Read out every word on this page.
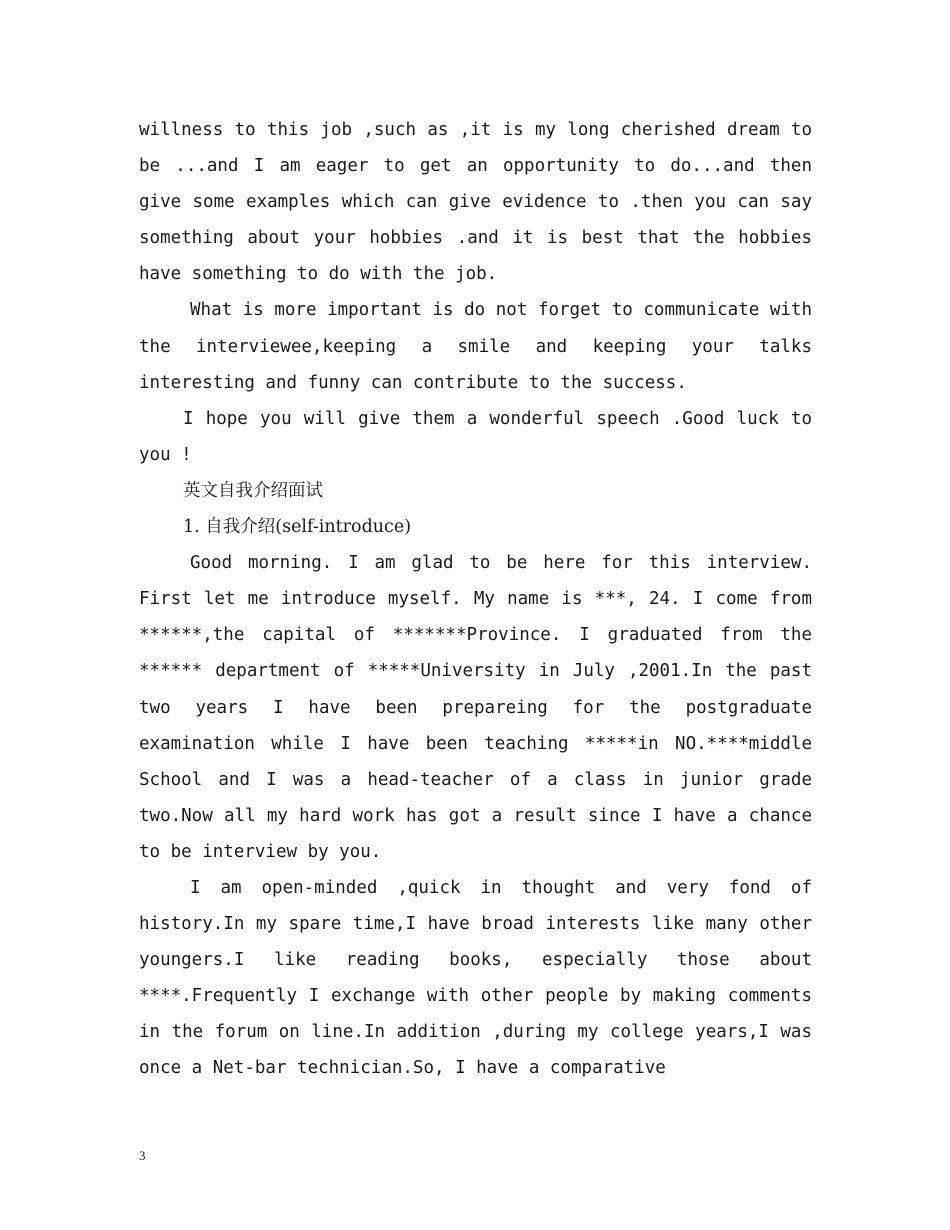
willness to this job ,such as ,it is my long cherished dream to be ...and I am eager to get an opportunity to do...and then give some examples which can give evidence to .then you can say something about your hobbies .and it is best that the hobbies have something to do with the job.

What is more important is do not forget to communicate with the interviewee,keeping a smile and keeping your talks interesting and funny can contribute to the success.

I hope you will give them a wonderful speech .Good luck to you !

英文自我介绍面试

1. 自我介绍(self-introduce)

Good morning. I am glad to be here for this interview. First let me introduce myself. My name is ***, 24. I come from ******,the capital of *******Province. I graduated from the ****** department of *****University in July ,2001.In the past two years I have been prepareing for the postgraduate examination while I have been teaching *****in NO.****middle School and I was a head-teacher of a class in junior grade two.Now all my hard work has got a result since I have a chance to be interview by you.

I am open-minded ,quick in thought and very fond of history.In my spare time,I have broad interests like many other youngers.I like reading books, especially those about ****.Frequently I exchange with other people by making comments in the forum on line.In addition ,during my college years,I was once a Net-bar technician.So, I have a comparative

3
